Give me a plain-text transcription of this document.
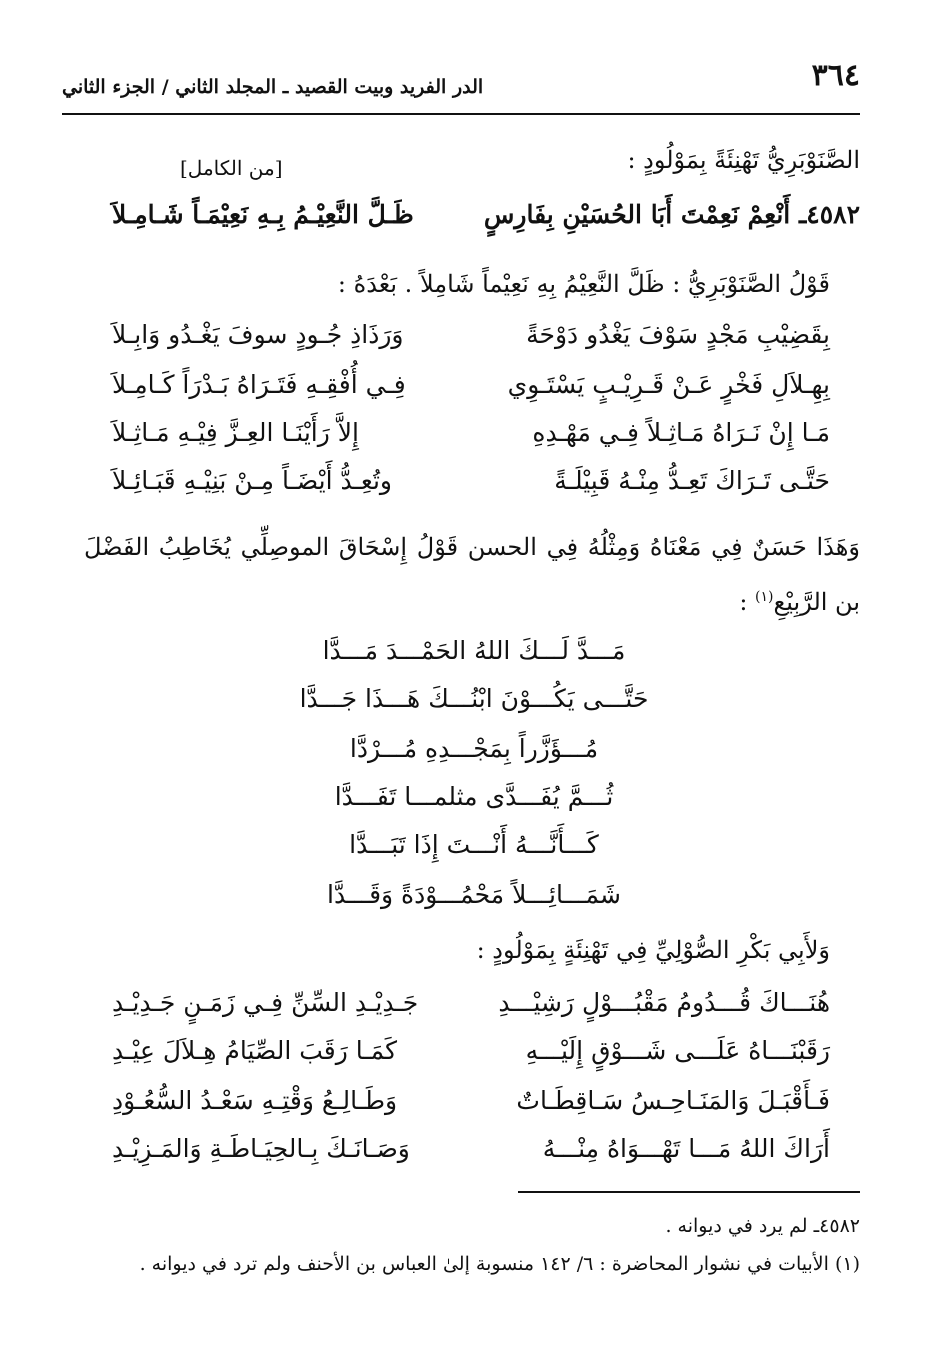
٣٦٤
الدر الفريد وبيت القصيد ـ المجلد الثاني / الجزء الثاني
الصَّنَوْبَرِيُّ تَهْنِئَةً بِمَوْلُودٍ :
[من الكامل]
٤٥٨٢ـ أَنْعِمْ نَعِمْتَ أَبَا الحُسَيْنِ بِفَارِسٍ
ظَـلَّ النَّعِيْـمُ بِـهِ نَعِيْمَـاً شَـامِـلاَ
قَوْلُ الصَّنَوْبَرِيُّ : ظَلَّ النَّعِيْمُ بِهِ نَعِيْماً شَامِلاً . بَعْدَهُ :
بِقَضِيْبِ مَجْدٍ سَوْفَ يَغْدُو دَوْحَةً
وَرَذَاذِ جُـودٍ سوفَ يَغْـدُو وَابِـلاَ
بِهِـلاَلِ فَخْرٍ عَـنْ قَـرِيْـبٍ يَسْتَـوِي
فِـي أُفْقِـهِ فَتَـرَاهُ بَـدْرَاً كَـامِـلاَ
مَـا إِنْ نَـرَاهُ مَـاثِـلاً فِـي مَهْـدِهِ
إِلاَّ رَأَيْنَـا العِـزَّ فِيْـهِ مَـاثِـلاَ
حَتَّـى تَـرَاكَ تَعِـدُّ مِنْـهُ قَبِيْلَـةً
وتُعِـدُّ أَيْضَـاً مِـنْ بَنِيْـهِ قَبَـائِـلاَ
وَهَذَا حَسَنٌ فِي مَعْنَاهُ وَمِثْلُهُ فِي الحسن قَوْلُ إِسْحَاقَ الموصِلِّي يُخَاطِبُ الفَضْلَ بن الرَّبِيْعِ$^{(١)}$ :
مَـــدَّ لَـــكَ اللهُ الحَمْـــدَ مَـــدَّا
حَتَّـــى يَكُـــوْنَ ابْنُـــكَ هَـــذَا جَـــدَّا
مُـــؤَزَّراً بِمَجْـــدِهِ مُـــرْدَّا
ثُـــمَّ يُفَـــدَّى مثلمـــا تَفَـــدَّا
كَـــأَنَّـــهُ أَنْـــتَ إِذَا تَبَـــدَّا
شَمَـــائِـــلاً مَحْمُـــوْدَةً وَقَـــدَّا
وَلأَبِي بَكْرِ الصُّوْلِيِّ فِي تَهْنِئَةٍ بِمَوْلُودٍ :
هُنَـــاكَ قُـــدُومُ مَقْبُـــوْلٍ رَشِيْـــدِ
جَـدِيْـدِ السِّنِّ فِـي زَمَـنٍ جَـدِيْـدِ
رَقَبْنَـــاهُ عَلَـــى شَـــوْقٍ إِلَيْـــهِ
كَمَـا رَقَبَ الصِّيَامُ هِـلاَلَ عِيْـدِ
فَـأَقْبَـلَ وَالمَنَـاحِـسُ سَـاقِطَـاتٌ
وَطَـالِـعُ وَقْتِـهِ سَعْـدُ السُّعُـوْدِ
أَرَاكَ اللهُ مَـــا تَهْـــوَاهُ مِنْـــهُ
وَصَـانَـكَ بِـالحِيَـاطَـةِ وَالمَـزِيْـدِ
٤٥٨٢ـ لم يرد في ديوانه .
(١) الأبيات في نشوار المحاضرة : ٦/ ١٤٢ منسوبة إلىٰ العباس بن الأحنف ولم ترد في ديوانه .
